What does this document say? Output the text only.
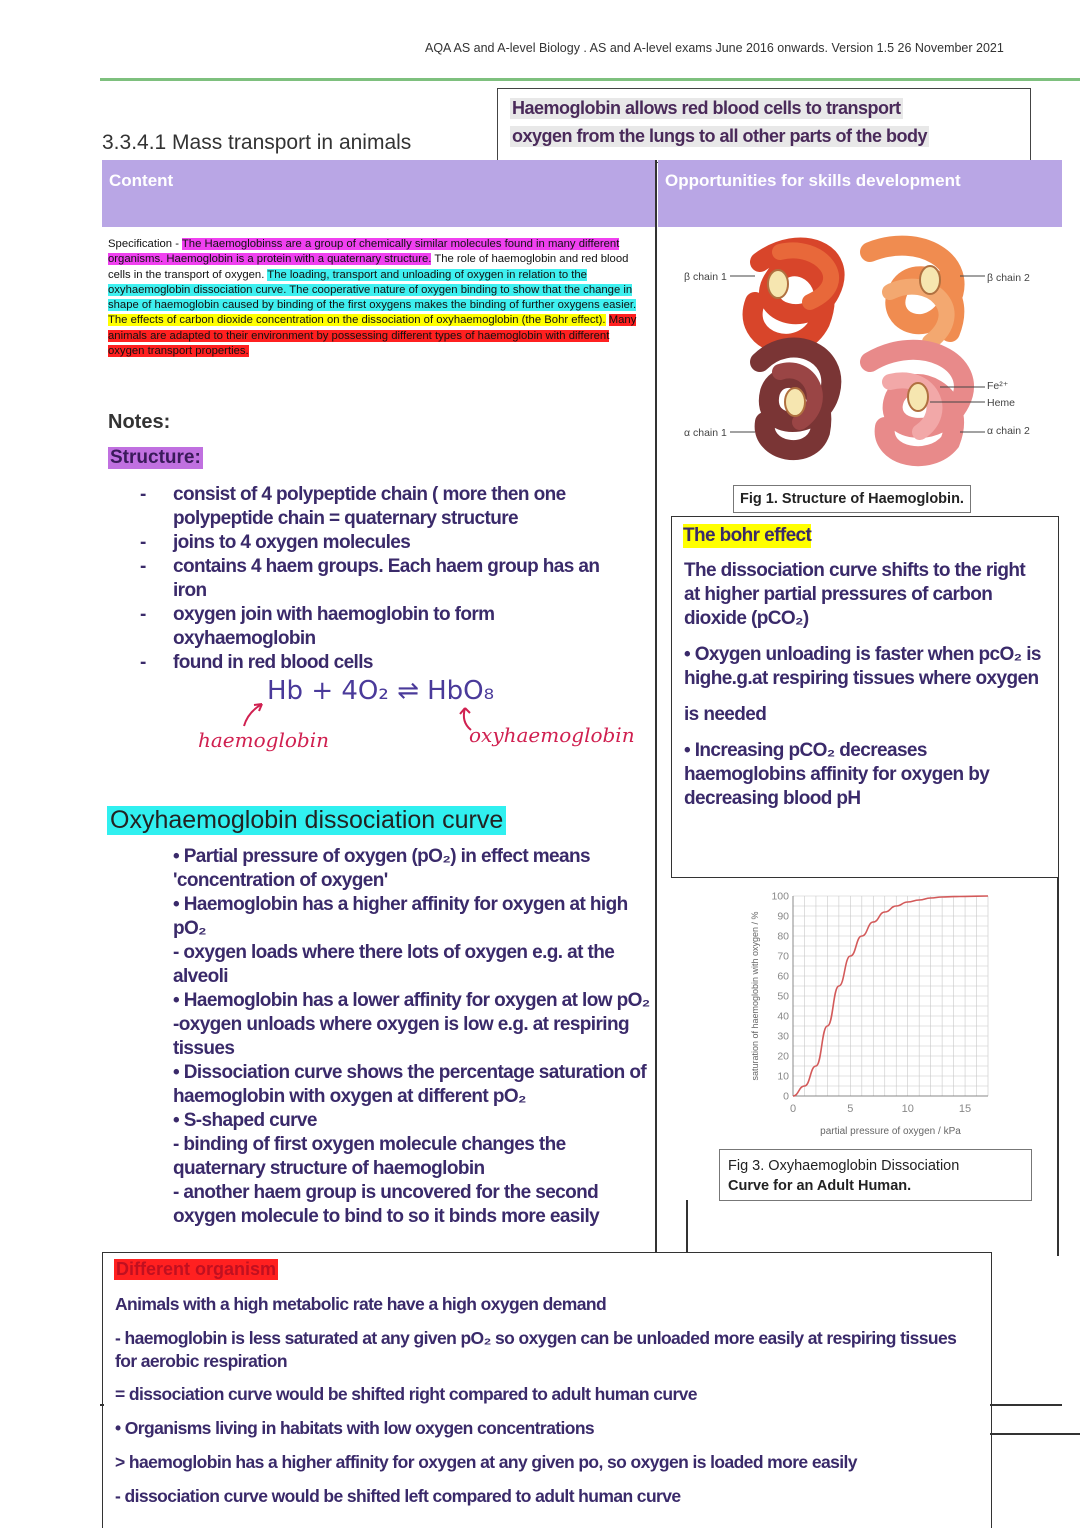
AQA AS and A-level Biology . AS and A-level exams June 2016 onwards. Version 1.5 26 November 2021
3.3.4.1 Mass transport in animals
Haemoglobin allows red blood cells to transport
oxygen from the lungs to all other parts of the body
Content	Opportunities for skills development
Specification - The Haemoglobinss are a group of chemically similar molecules found in many different organisms. Haemoglobin is a protein with a quaternary structure. The role of haemoglobin and red blood cells in the transport of oxygen. The loading, transport and unloading of oxygen in relation to the oxyhaemoglobin dissociation curve. The cooperative nature of oxygen binding to show that the change in shape of haemoglobin caused by binding of the first oxygens makes the binding of further oxygens easier. The effects of carbon dioxide concentration on the dissociation of oxyhaemoglobin (the Bohr effect). Many animals are adapted to their environment by possessing different types of haemoglobin with different oxygen transport properties.
Notes:
Structure:
- consist of 4 polypeptide chain ( more then one polypeptide chain = quaternary structure
- joins to 4 oxygen molecules
- contains 4 haem groups. Each haem group has an iron
- oxygen join with haemoglobin to form oxyhaemoglobin
- found in red blood cells
Hb + 4O₂ ⇌ HbO₈
haemoglobin	oxyhaemoglobin
Oxyhaemoglobin dissociation curve
• Partial pressure of oxygen (pO₂) in effect means 'concentration of oxygen'
• Haemoglobin has a higher affinity for oxygen at high pO₂
- oxygen loads where there lots of oxygen e.g. at the alveoli
• Haemoglobin has a lower affinity for oxygen at low pO₂
-oxygen unloads where oxygen is low e.g. at respiring tissues
• Dissociation curve shows the percentage saturation of haemoglobin with oxygen at different pO₂
• S-shaped curve
- binding of first oxygen molecule changes the quaternary structure of haemoglobin
- another haem group is uncovered for the second oxygen molecule to bind to so it binds more easily
β chain 1	β chain 2
α chain 1	α chain 2
Fe²⁺
Heme
Fig 1. Structure of Haemoglobin.
The bohr effect
The dissociation curve shifts to the right at higher partial pressures of carbon dioxide (pCO₂)
• Oxygen unloading is faster when pcO₂ is highe.g.at respiring tissues where oxygen
is needed
• Increasing pCO₂ decreases haemoglobins affinity for oxygen by decreasing blood pH
0
10
20
30
40
50
60
70
80
90
100
0	5	10	15
partial pressure of oxygen / kPa
saturation of haemoglobin with oxygen / %
Fig 3. Oxyhaemoglobin Dissociation
Curve for an Adult Human.
Different organism
Animals with a high metabolic rate have a high oxygen demand
- haemoglobin is less saturated at any given pO₂ so oxygen can be unloaded more easily at respiring tissues for aerobic respiration
= dissociation curve would be shifted right compared to adult human curve
• Organisms living in habitats with low oxygen concentrations
> haemoglobin has a higher affinity for oxygen at any given po, so oxygen is loaded more easily
- dissociation curve would be shifted left compared to adult human curve
